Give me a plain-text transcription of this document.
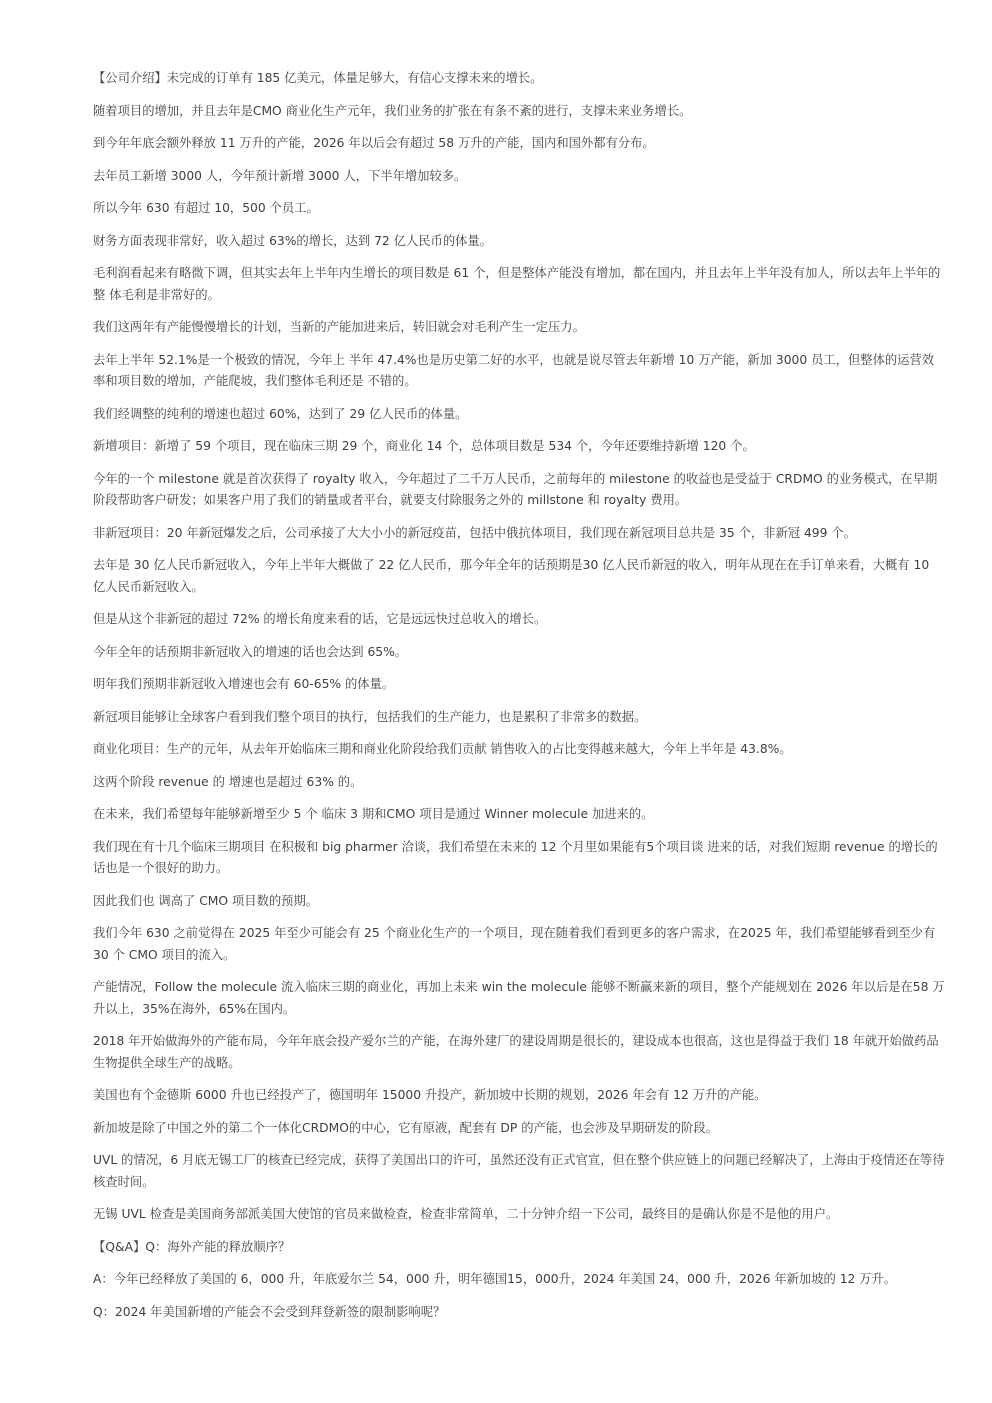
【公司介绍】未完成的订单有 185 亿美元，体量足够大，有信心支撑未来的增长。

随着项目的增加，并且去年是CMO 商业化生产元年，我们业务的扩张在有条不紊的进行，支撑未来业务增长。

到今年年底会额外释放 11 万升的产能，2026 年以后会有超过 58 万升的产能，国内和国外都有分布。

去年员工新增 3000 人，今年预计新增 3000 人，下半年增加较多。

所以今年 630 有超过 10，500 个员工。

财务方面表现非常好，收入超过 63%的增长，达到 72 亿人民币的体量。

毛利润看起来有略微下调，但其实去年上半年内生增长的项目数是 61 个，但是整体产能没有增加，都在国内，并且去年上半年没有加人，所以去年上半年的整 体毛利是非常好的。

我们这两年有产能慢慢增长的计划，当新的产能加进来后，转旧就会对毛利产生一定压力。

去年上半年 52.1%是一个极致的情况，今年上 半年 47.4%也是历史第二好的水平，也就是说尽管去年新增 10 万产能，新加 3000 员工，但整体的运营效率和项目数的增加，产能爬坡，我们整体毛利还是 不错的。

我们经调整的纯利的增速也超过 60%，达到了 29 亿人民币的体量。

新增项目：新增了 59 个项目，现在临床三期 29 个，商业化 14 个，总体项目数是 534 个，今年还要维持新增 120 个。

今年的一个 milestone 就是首次获得了 royalty 收入，今年超过了二千万人民币，之前每年的 milestone 的收益也是受益于 CRDMO 的业务模式，在早期阶段帮助客户研发；如果客户用了我们的销量或者平台，就要支付除服务之外的 millstone 和 royalty 费用。

非新冠项目：20 年新冠爆发之后，公司承接了大大小小的新冠疫苗，包括中俄抗体项目，我们现在新冠项目总共是 35 个，非新冠 499 个。

去年是 30 亿人民币新冠收入，今年上半年大概做了 22 亿人民币，那今年全年的话预期是30 亿人民币新冠的收入，明年从现在在手订单来看，大概有 10 亿人民币新冠收入。

但是从这个非新冠的超过 72% 的增长角度来看的话，它是远远快过总收入的增长。

今年全年的话预期非新冠收入的增速的话也会达到 65%。

明年我们预期非新冠收入增速也会有 60-65% 的体量。

新冠项目能够让全球客户看到我们整个项目的执行，包括我们的生产能力，也是累积了非常多的数据。

商业化项目：生产的元年，从去年开始临床三期和商业化阶段给我们贡献 销售收入的占比变得越来越大，今年上半年是 43.8%。

这两个阶段 revenue 的 增速也是超过 63% 的。

在未来，我们希望每年能够新增至少 5 个 临床 3 期和CMO 项目是通过 Winner molecule 加进来的。

我们现在有十几个临床三期项目 在积极和 big pharmer 洽谈，我们希望在未来的 12 个月里如果能有5个项目谈 进来的话，对我们短期 revenue 的增长的话也是一个很好的助力。

因此我们也 调高了 CMO 项目数的预期。

我们今年 630 之前觉得在 2025 年至少可能会有 25 个商业化生产的一个项目，现在随着我们看到更多的客户需求，在2025 年，我们希望能够看到至少有 30 个 CMO 项目的流入。

产能情况，Follow the molecule 流入临床三期的商业化，再加上未来 win the molecule 能够不断赢来新的项目，整个产能规划在 2026 年以后是在58 万升以上，35%在海外，65%在国内。

2018 年开始做海外的产能布局，今年年底会投产爱尔兰的产能，在海外建厂的建设周期是很长的，建设成本也很高，这也是得益于我们 18 年就开始做药品生物提供全球生产的战略。

美国也有个金德斯 6000 升也已经投产了，德国明年 15000 升投产，新加坡中长期的规划，2026 年会有 12 万升的产能。

新加坡是除了中国之外的第二个一体化CRDMO的中心，它有原液，配套有 DP 的产能，也会涉及早期研发的阶段。

UVL 的情况，6 月底无锡工厂的核查已经完成，获得了美国出口的许可，虽然还没有正式官宣，但在整个供应链上的问题已经解决了，上海由于疫情还在等待核查时间。

无锡 UVL 检查是美国商务部派美国大使馆的官员来做检查，检查非常简单，二十分钟介绍一下公司，最终目的是确认你是不是他的用户。

【Q&A】Q：海外产能的释放顺序？

A：今年已经释放了美国的 6，000 升，年底爱尔兰 54，000 升，明年德国15，000升，2024 年美国 24，000 升，2026 年新加坡的 12 万升。

Q：2024 年美国新增的产能会不会受到拜登新签的限制影响呢？
